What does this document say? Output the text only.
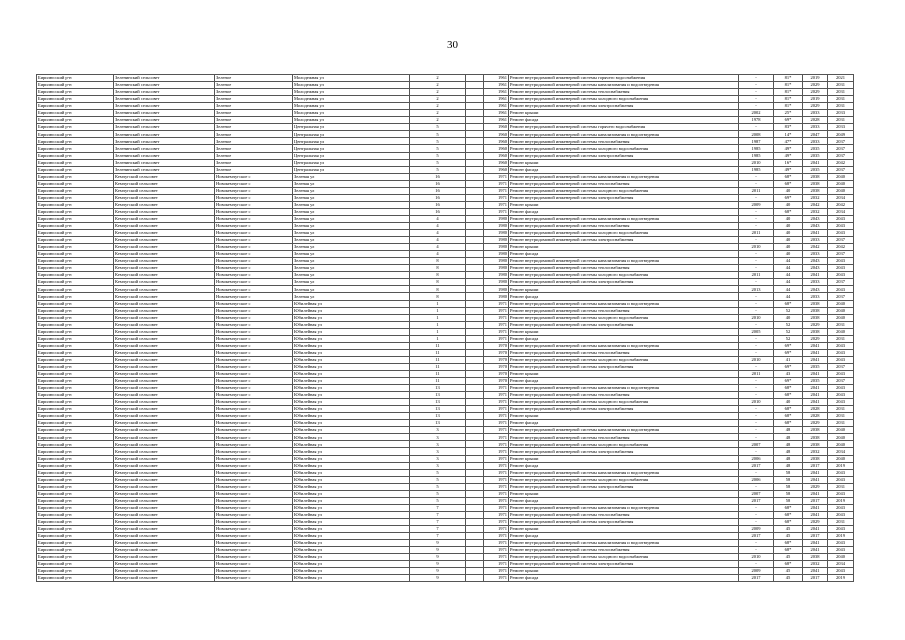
30
Бирилюсский р-н	Зеленинский сельсовет	Зеленое	Молодежная ул	2		1961	Ремонт внутридомовой инженерной системы горячего водоснабжения	-	81*	2019	2021
Бирилюсский р-н	Зеленинский сельсовет	Зеленое	Молодежная ул	2		1961	Ремонт внутридомовой инженерной системы канализования и водоотведения	-	81*	2029	2031
Бирилюсский р-н	Зеленинский сельсовет	Зеленое	Молодежная ул	2		1961	Ремонт внутридомовой инженерной системы теплоснабжения	-	81*	2029	2031
Бирилюсский р-н	Зеленинский сельсовет	Зеленое	Молодежная ул	2		1961	Ремонт внутридомовой инженерной системы холодного водоснабжения	-	81*	2019	2031
Бирилюсский р-н	Зеленинский сельсовет	Зеленое	Молодежная ул	2		1961	Ремонт внутридомовой инженерной системы электроснабжения	-	81*	2029	2031
Бирилюсский р-н	Зеленинский сельсовет	Зеленое	Молодежная ул	2		1961	Ремонт крыши	2002	25*	2033	2033
Бирилюсский р-н	Зеленинский сельсовет	Зеленое	Молодежная ул	2		1961	Ремонт фасада	1978	69*	2028	2031
Бирилюсский р-н	Зеленинский сельсовет	Зеленое	Центральная ул	5		1960	Ремонт внутридомовой инженерной системы горячего водоснабжения	-	83*	2033	2033
Бирилюсский р-н	Зеленинский сельсовет	Зеленое	Центральная ул	5		1960	Ремонт внутридомовой инженерной системы канализования и водоотведения	2008	14*	2047	2049
Бирилюсский р-н	Зеленинский сельсовет	Зеленое	Центральная ул	5		1960	Ремонт внутридомовой инженерной системы теплоснабжения	1987	47*	2033	2037
Бирилюсский р-н	Зеленинский сельсовет	Зеленое	Центральная ул	5		1960	Ремонт внутридомовой инженерной системы холодного водоснабжения	1985	49*	2035	2037
Бирилюсский р-н	Зеленинский сельсовет	Зеленое	Центральная ул	5		1960	Ремонт внутридомовой инженерной системы электроснабжения	1985	49*	2035	2037
Бирилюсский р-н	Зеленинский сельсовет	Зеленое	Центральная ул	5		1960	Ремонт крыши	2010	16*	2041	2042
Бирилюсский р-н	Зеленинский сельсовет	Зеленое	Центральная ул	5		1960	Ремонт фасада	1985	49*	2035	2037
Бирилюсский р-н	Кемчугский сельсовет	Новокемчугское с	Зеленая ул	16		1971	Ремонт внутридомовой инженерной системы канализования и водоотведения	-	68*	2038	2040
Бирилюсский р-н	Кемчугский сельсовет	Новокемчугское с	Зеленая ул	16		1971	Ремонт внутридомовой инженерной системы теплоснабжения	-	68*	2038	2040
Бирилюсский р-н	Кемчугский сельсовет	Новокемчугское с	Зеленая ул	16		1971	Ремонт внутридомовой инженерной системы холодного водоснабжения	2011	40	2038	2040
Бирилюсский р-н	Кемчугский сельсовет	Новокемчугское с	Зеленая ул	16		1971	Ремонт внутридомовой инженерной системы электроснабжения	-	69*	2032	2034
Бирилюсский р-н	Кемчугский сельсовет	Новокемчугское с	Зеленая ул	16		1971	Ремонт крыши	2009	40	2042	2042
Бирилюсский р-н	Кемчугский сельсовет	Новокемчугское с	Зеленая ул	16		1971	Ремонт фасада	-	68*	2032	2034
Бирилюсский р-н	Кемчугский сельсовет	Новокемчугское с	Зеленая ул	4		1980	Ремонт внутридомовой инженерной системы канализования и водоотведения	-	40	2043	2043
Бирилюсский р-н	Кемчугский сельсовет	Новокемчугское с	Зеленая ул	4		1980	Ремонт внутридомовой инженерной системы теплоснабжения	-	40	2043	2043
Бирилюсский р-н	Кемчугский сельсовет	Новокемчугское с	Зеленая ул	4		1980	Ремонт внутридомовой инженерной системы холодного водоснабжения	2011	40	2041	2043
Бирилюсский р-н	Кемчугский сельсовет	Новокемчугское с	Зеленая ул	4		1980	Ремонт внутридомовой инженерной системы электроснабжения	-	40	2033	2037
Бирилюсский р-н	Кемчугский сельсовет	Новокемчугское с	Зеленая ул	4		1980	Ремонт крыши	2010	40	2042	2042
Бирилюсский р-н	Кемчугский сельсовет	Новокемчугское с	Зеленая ул	4		1980	Ремонт фасада	-	40	2033	2037
Бирилюсский р-н	Кемчугский сельсовет	Новокемчугское с	Зеленая ул	8		1980	Ремонт внутридомовой инженерной системы канализования и водоотведения	-	44	2043	2043
Бирилюсский р-н	Кемчугский сельсовет	Новокемчугское с	Зеленая ул	8		1980	Ремонт внутридомовой инженерной системы теплоснабжения	-	44	2043	2043
Бирилюсский р-н	Кемчугский сельсовет	Новокемчугское с	Зеленая ул	8		1980	Ремонт внутридомовой инженерной системы холодного водоснабжения	2011	44	2041	2043
Бирилюсский р-н	Кемчугский сельсовет	Новокемчугское с	Зеленая ул	8		1980	Ремонт внутридомовой инженерной системы электроснабжения	-	44	2033	2037
Бирилюсский р-н	Кемчугский сельсовет	Новокемчугское с	Зеленая ул	8		1980	Ремонт крыши	2013	44	2043	2043
Бирилюсский р-н	Кемчугский сельсовет	Новокемчугское с	Зеленая ул	8		1980	Ремонт фасада	-	44	2033	2037
Бирилюсский р-н	Кемчугский сельсовет	Новокемчугское с	Юбилейная ул	1		1971	Ремонт внутридомовой инженерной системы канализования и водоотведения	-	68*	2038	2040
Бирилюсский р-н	Кемчугский сельсовет	Новокемчугское с	Юбилейная ул	1		1971	Ремонт внутридомовой инженерной системы теплоснабжения	-	52	2038	2040
Бирилюсский р-н	Кемчугский сельсовет	Новокемчугское с	Юбилейная ул	1		1971	Ремонт внутридомовой инженерной системы холодного водоснабжения	2010	40	2038	2040
Бирилюсский р-н	Кемчугский сельсовет	Новокемчугское с	Юбилейная ул	1		1971	Ремонт внутридомовой инженерной системы электроснабжения	-	52	2029	2031
Бирилюсский р-н	Кемчугский сельсовет	Новокемчугское с	Юбилейная ул	1		1971	Ремонт крыши	2005	52	2038	2040
Бирилюсский р-н	Кемчугский сельсовет	Новокемчугское с	Юбилейная ул	1		1971	Ремонт фасада	-	52	2029	2031
Бирилюсский р-н	Кемчугский сельсовет	Новокемчугское с	Юбилейная ул	11		1970	Ремонт внутридомовой инженерной системы канализования и водоотведения	-	69*	2041	2043
Бирилюсский р-н	Кемчугский сельсовет	Новокемчугское с	Юбилейная ул	11		1970	Ремонт внутридомовой инженерной системы теплоснабжения	-	69*	2041	2043
Бирилюсский р-н	Кемчугский сельсовет	Новокемчугское с	Юбилейная ул	11		1970	Ремонт внутридомовой инженерной системы холодного водоснабжения	2010	41	2041	2043
Бирилюсский р-н	Кемчугский сельсовет	Новокемчугское с	Юбилейная ул	11		1970	Ремонт внутридомовой инженерной системы электроснабжения	-	69*	2035	2037
Бирилюсский р-н	Кемчугский сельсовет	Новокемчугское с	Юбилейная ул	11		1970	Ремонт крыши	2011	43	2041	2043
Бирилюсский р-н	Кемчугский сельсовет	Новокемчугское с	Юбилейная ул	11		1970	Ремонт фасада	-	69*	2035	2037
Бирилюсский р-н	Кемчугский сельсовет	Новокемчугское с	Юбилейная ул	13		1971	Ремонт внутридомовой инженерной системы канализования и водоотведения	-	68*	2041	2043
Бирилюсский р-н	Кемчугский сельсовет	Новокемчугское с	Юбилейная ул	13		1971	Ремонт внутридомовой инженерной системы теплоснабжения	-	68*	2041	2043
Бирилюсский р-н	Кемчугский сельсовет	Новокемчугское с	Юбилейная ул	13		1971	Ремонт внутридомовой инженерной системы холодного водоснабжения	2010	40	2041	2043
Бирилюсский р-н	Кемчугский сельсовет	Новокемчугское с	Юбилейная ул	13		1971	Ремонт внутридомовой инженерной системы электроснабжения	-	68*	2028	2031
Бирилюсский р-н	Кемчугский сельсовет	Новокемчугское с	Юбилейная ул	13		1971	Ремонт крыши	-	68*	2028	2031
Бирилюсский р-н	Кемчугский сельсовет	Новокемчугское с	Юбилейная ул	13		1971	Ремонт фасада	-	68*	2029	2031
Бирилюсский р-н	Кемчугский сельсовет	Новокемчугское с	Юбилейная ул	3		1971	Ремонт внутридомовой инженерной системы канализования и водоотведения	-	48	2038	2040
Бирилюсский р-н	Кемчугский сельсовет	Новокемчугское с	Юбилейная ул	3		1971	Ремонт внутридомовой инженерной системы теплоснабжения	-	48	2038	2040
Бирилюсский р-н	Кемчугский сельсовет	Новокемчугское с	Юбилейная ул	3		1971	Ремонт внутридомовой инженерной системы холодного водоснабжения	2007	48	2038	2040
Бирилюсский р-н	Кемчугский сельсовет	Новокемчугское с	Юбилейная ул	3		1971	Ремонт внутридомовой инженерной системы электроснабжения	-	48	2032	2034
Бирилюсский р-н	Кемчугский сельсовет	Новокемчугское с	Юбилейная ул	3		1971	Ремонт крыши	2006	48	2038	2040
Бирилюсский р-н	Кемчугский сельсовет	Новокемчугское с	Юбилейная ул	3		1971	Ремонт фасада	2017	48	2017	2019
Бирилюсский р-н	Кемчугский сельсовет	Новокемчугское с	Юбилейная ул	5		1971	Ремонт внутридомовой инженерной системы канализования и водоотведения	-	58	2041	2043
Бирилюсский р-н	Кемчугский сельсовет	Новокемчугское с	Юбилейная ул	5		1971	Ремонт внутридомовой инженерной системы холодного водоснабжения	2006	58	2041	2043
Бирилюсский р-н	Кемчугский сельсовет	Новокемчугское с	Юбилейная ул	5		1971	Ремонт внутридомовой инженерной системы электроснабжения	-	58	2029	2031
Бирилюсский р-н	Кемчугский сельсовет	Новокемчугское с	Юбилейная ул	5		1971	Ремонт крыши	2007	58	2041	2043
Бирилюсский р-н	Кемчугский сельсовет	Новокемчугское с	Юбилейная ул	5		1971	Ремонт фасада	2017	58	2017	2019
Бирилюсский р-н	Кемчугский сельсовет	Новокемчугское с	Юбилейная ул	7		1971	Ремонт внутридомовой инженерной системы канализования и водоотведения	-	68*	2041	2043
Бирилюсский р-н	Кемчугский сельсовет	Новокемчугское с	Юбилейная ул	7		1971	Ремонт внутридомовой инженерной системы теплоснабжения	-	68*	2041	2043
Бирилюсский р-н	Кемчугский сельсовет	Новокемчугское с	Юбилейная ул	7		1971	Ремонт внутридомовой инженерной системы электроснабжения	-	68*	2029	2031
Бирилюсский р-н	Кемчугский сельсовет	Новокемчугское с	Юбилейная ул	7		1971	Ремонт крыши	2009	45	2041	2043
Бирилюсский р-н	Кемчугский сельсовет	Новокемчугское с	Юбилейная ул	7		1971	Ремонт фасада	2017	45	2017	2019
Бирилюсский р-н	Кемчугский сельсовет	Новокемчугское с	Юбилейная ул	9		1971	Ремонт внутридомовой инженерной системы канализования и водоотведения	-	68*	2041	2043
Бирилюсский р-н	Кемчугский сельсовет	Новокемчугское с	Юбилейная ул	9		1971	Ремонт внутридомовой инженерной системы теплоснабжения	-	68*	2041	2043
Бирилюсский р-н	Кемчугский сельсовет	Новокемчугское с	Юбилейная ул	9		1971	Ремонт внутридомовой инженерной системы холодного водоснабжения	2010	45	2038	2040
Бирилюсский р-н	Кемчугский сельсовет	Новокемчугское с	Юбилейная ул	9		1971	Ремонт внутридомовой инженерной системы электроснабжения	-	68*	2032	2034
Бирилюсский р-н	Кемчугский сельсовет	Новокемчугское с	Юбилейная ул	9		1971	Ремонт крыши	2009	45	2041	2043
Бирилюсский р-н	Кемчугский сельсовет	Новокемчугское с	Юбилейная ул	9		1971	Ремонт фасада	2017	45	2017	2019
